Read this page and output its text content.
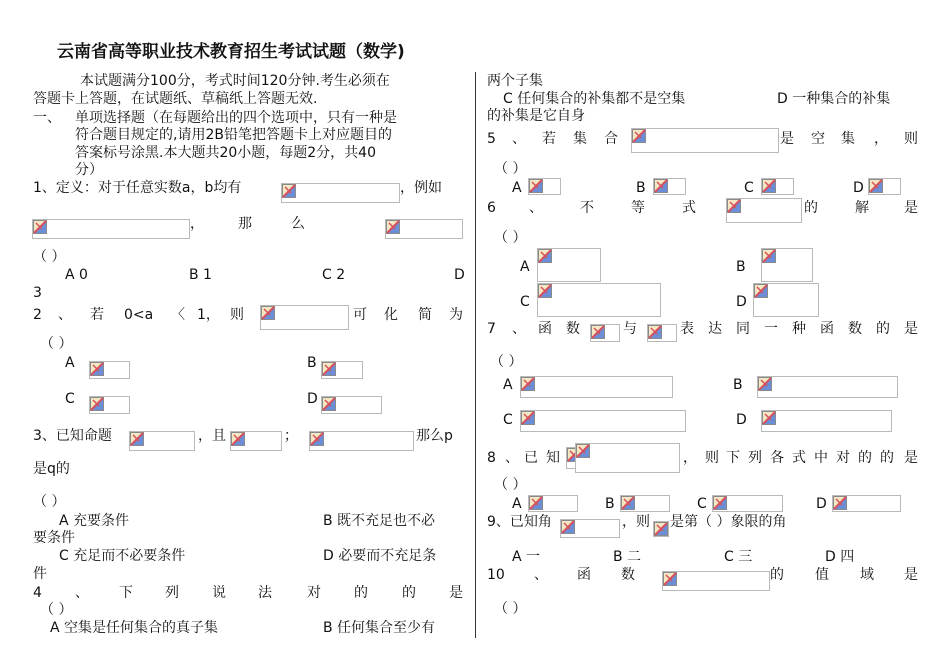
云南省高等职业技术教育招生考试试题（数学)
本试题满分100分，考式时间120分钟.考生必须在
答题卡上答题，在试题纸、草稿纸上答题无效.
一、 单项选择题（在每题给出的四个选项中，只有一种是
符合题目规定的,请用2B铅笔把答题卡上对应题目的
答案标号涂黑.本大题共20小题，每题2分，共40
分）
1、定义：对于任意实数a，b均有	，例如
， 那	么
（ ）
A 0	B 1	C 2	D
3
2 、 若 0<a 〈 1， 则	可 化 简 为
（ ）
A	B
C	D
3、已知命题	，且	；	那么p
是q的
（ ）
A 充要条件	B 既不充足也不必
要条件
C 充足而不必要条件	D 必要而不充足条
件
4 、 下 列 说 法	对 的 的 是
（ ）
A 空集是任何集合的真子集	B 任何集合至少有
两个子集
C 任何集合的补集都不是空集	D 一种集合的补集
的补集是它自身
5 、 若 集 合	是 空 集 ， 则
（ ）
A	B	C	D
6 、	不	等	式	的	解	是
（ ）
A	B
C	D
7 、 函 数	与	表 达 同 一 种 函 数 的 是
（ ）
A	B
C	D
8 、 已 知	， 则 下 列 各 式 中 对 的 的 是
（ ）
A	B	C	D
9、已知角	，则 是第（ ）象限的角
A 一	B 二	C 三	D 四
10 、 函 数	的 值 域 是
（ ）
